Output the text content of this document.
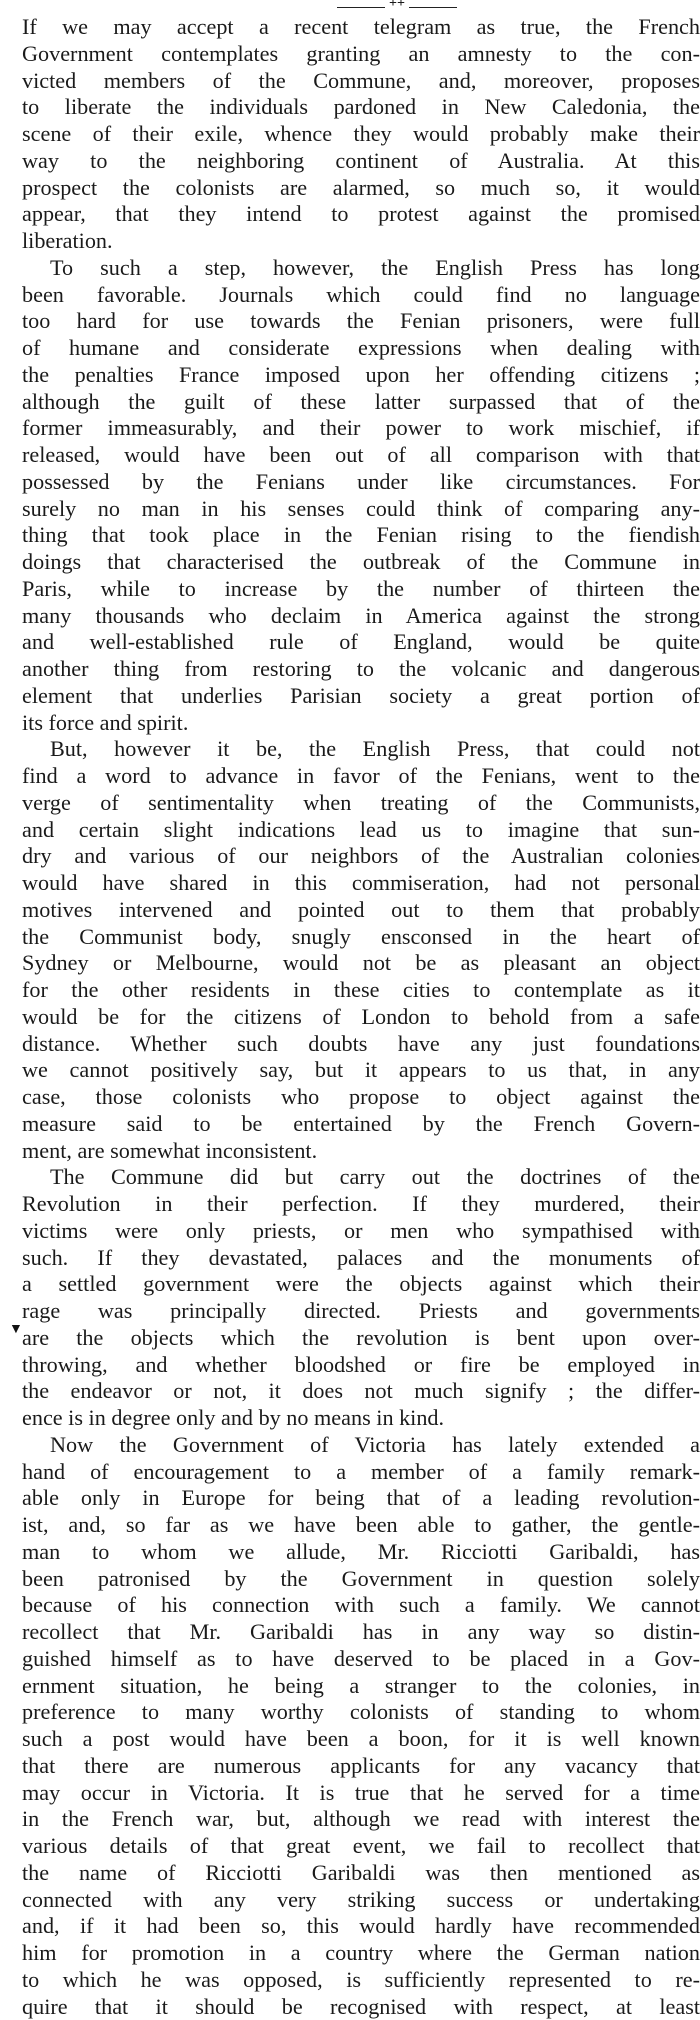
++
If we may accept a recent telegram as true, the French
Government contemplates granting an amnesty to the con-
victed members of the Commune, and, moreover, proposes
to liberate the individuals pardoned in New Caledonia, the
scene of their exile, whence they would probably make their
way to the neighboring continent of Australia. At this
prospect the colonists are alarmed, so much so, it would
appear, that they intend to protest against the promised
liberation.
To such a step, however, the English Press has long
been favorable. Journals which could find no language
too hard for use towards the Fenian prisoners, were full
of humane and considerate expressions when dealing with
the penalties France imposed upon her offending citizens ;
although the guilt of these latter surpassed that of the
former immeasurably, and their power to work mischief, if
released, would have been out of all comparison with that
possessed by the Fenians under like circumstances. For
surely no man in his senses could think of comparing any-
thing that took place in the Fenian rising to the fiendish
doings that characterised the outbreak of the Commune in
Paris, while to increase by the number of thirteen the
many thousands who declaim in America against the strong
and well-established rule of England, would be quite
another thing from restoring to the volcanic and dangerous
element that underlies Parisian society a great portion of
its force and spirit.
But, however it be, the English Press, that could not
find a word to advance in favor of the Fenians, went to the
verge of sentimentality when treating of the Communists,
and certain slight indications lead us to imagine that sun-
dry and various of our neighbors of the Australian colonies
would have shared in this commiseration, had not personal
motives intervened and pointed out to them that probably
the Communist body, snugly ensconsed in the heart of
Sydney or Melbourne, would not be as pleasant an object
for the other residents in these cities to contemplate as it
would be for the citizens of London to behold from a safe
distance. Whether such doubts have any just foundations
we cannot positively say, but it appears to us that, in any
case, those colonists who propose to object against the
measure said to be entertained by the French Govern-
ment, are somewhat inconsistent.
The Commune did but carry out the doctrines of the
Revolution in their perfection. If they murdered, their
victims were only priests, or men who sympathised with
such. If they devastated, palaces and the monuments of
a settled government were the objects against which their
rage was principally directed. Priests and governments
are the objects which the revolution is bent upon over-
throwing, and whether bloodshed or fire be employed in
the endeavor or not, it does not much signify ; the differ-
ence is in degree only and by no means in kind.
Now the Government of Victoria has lately extended a
hand of encouragement to a member of a family remark-
able only in Europe for being that of a leading revolution-
ist, and, so far as we have been able to gather, the gentle-
man to whom we allude, Mr. Ricciotti Garibaldi, has
been patronised by the Government in question solely
because of his connection with such a family. We cannot
recollect that Mr. Garibaldi has in any way so distin-
guished himself as to have deserved to be placed in a Gov-
ernment situation, he being a stranger to the colonies, in
preference to many worthy colonists of standing to whom
such a post would have been a boon, for it is well known
that there are numerous applicants for any vacancy that
may occur in Victoria. It is true that he served for a time
in the French war, but, although we read with interest the
various details of that great event, we fail to recollect that
the name of Ricciotti Garibaldi was then mentioned as
connected with any very striking success or undertaking
and, if it had been so, this would hardly have recommended
him for promotion in a country where the German nation
to which he was opposed, is sufficiently represented to re-
quire that it should be recognised with respect, at least
▼
